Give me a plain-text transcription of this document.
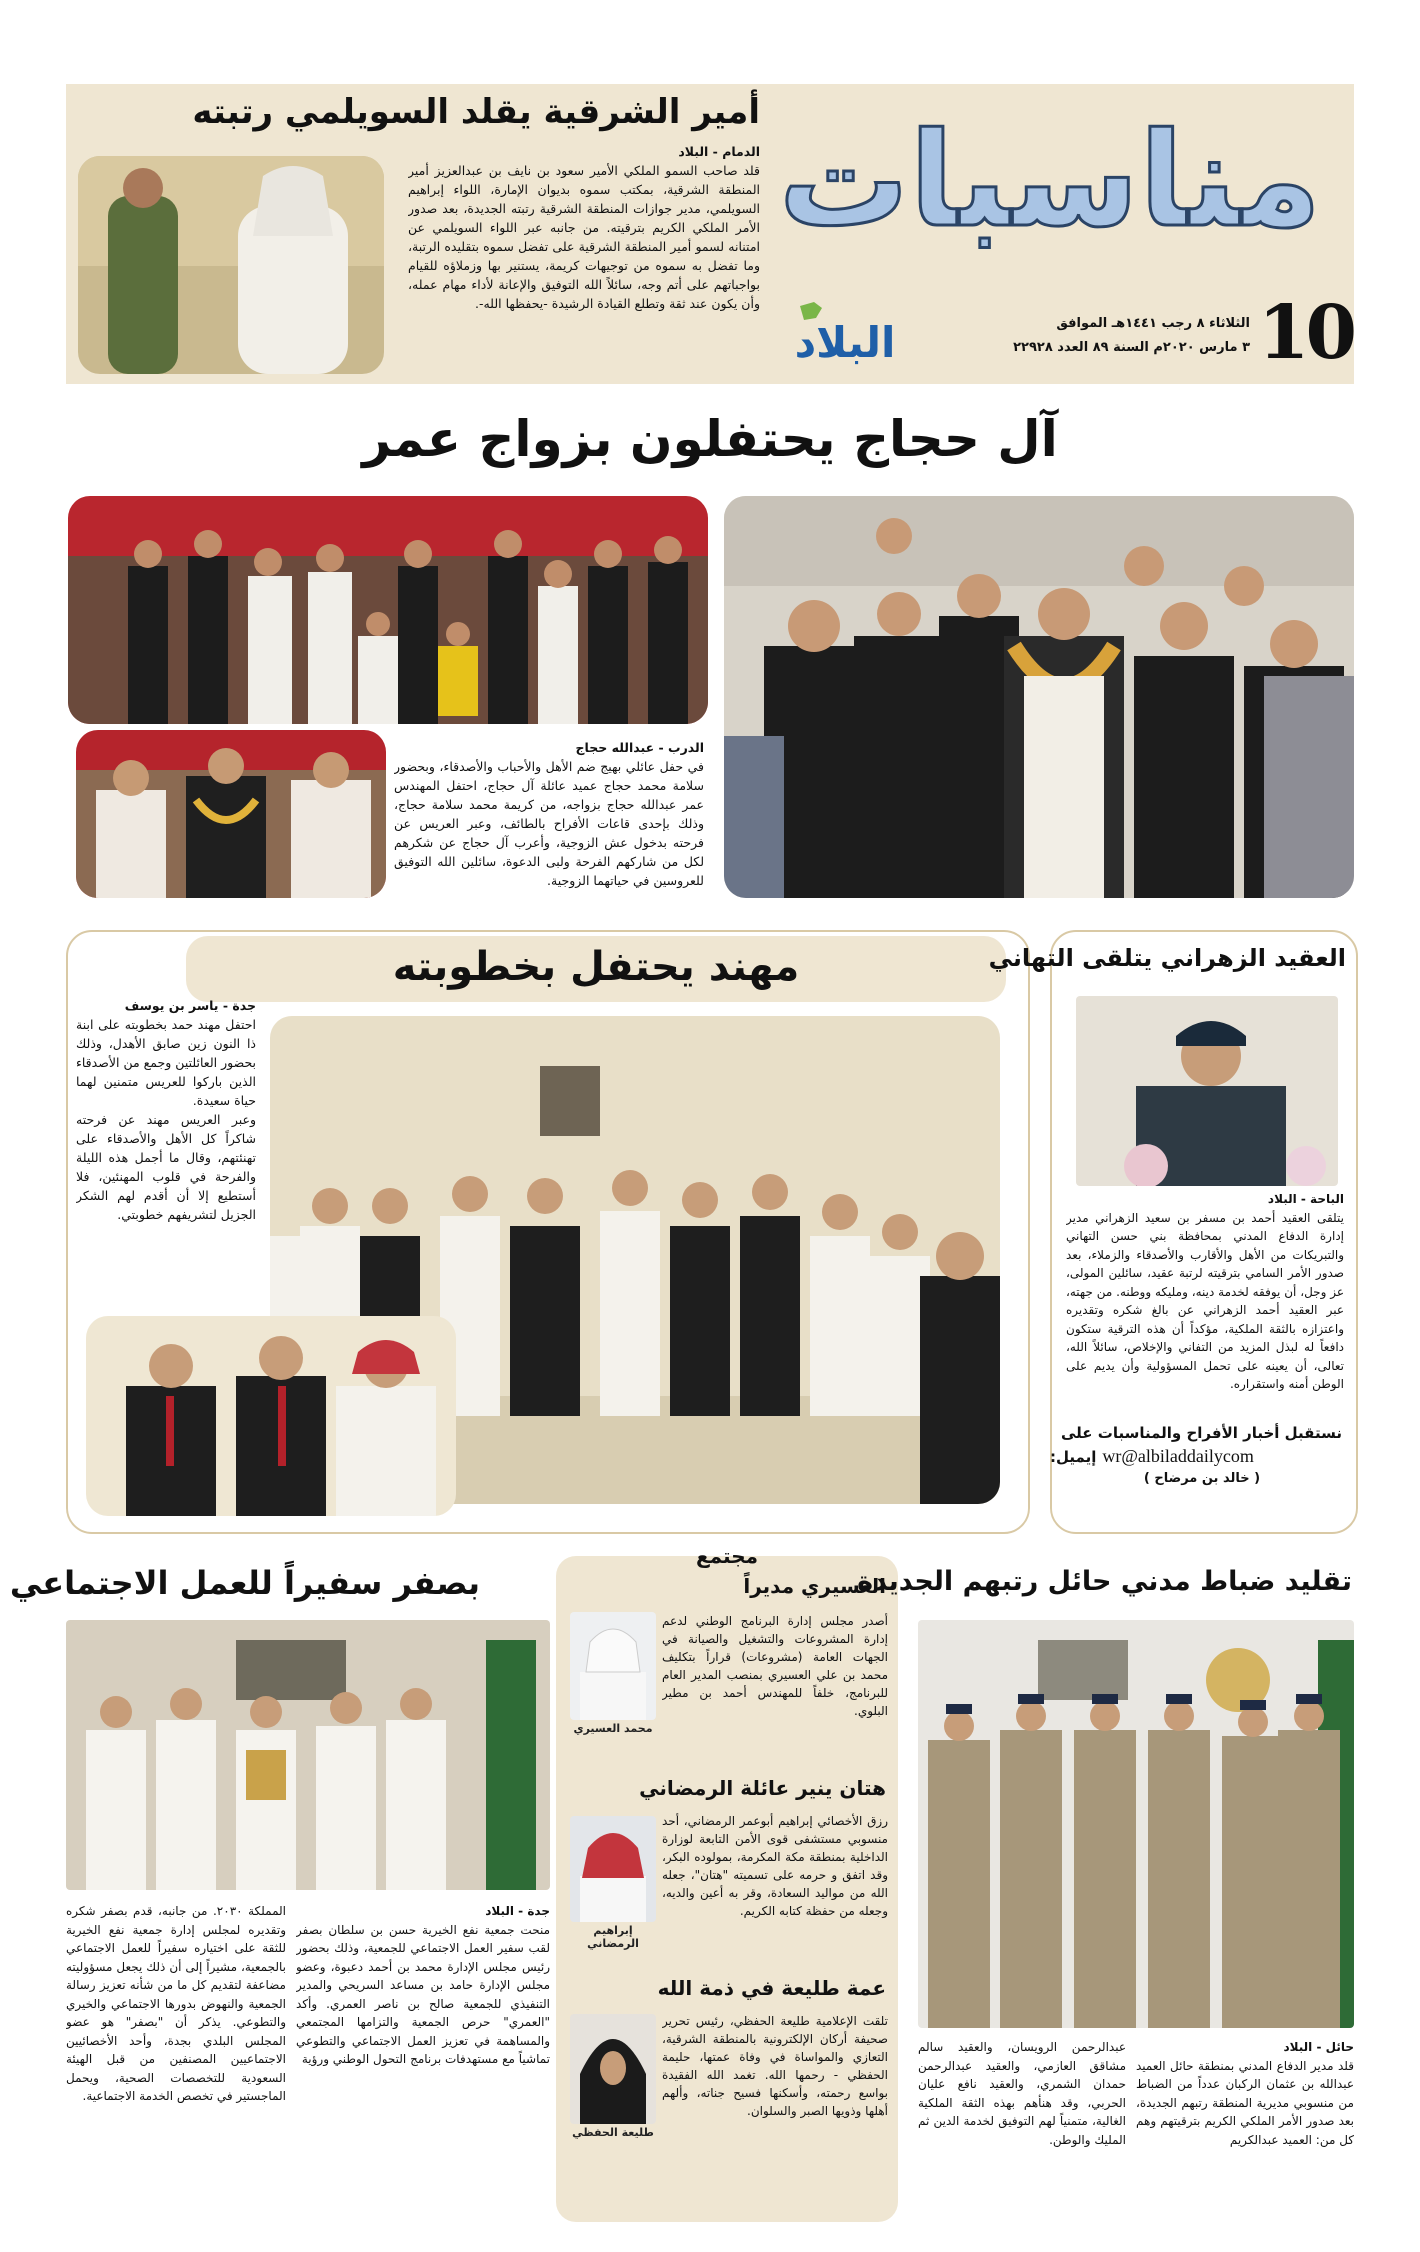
10
مناسبات
الثلاثاء ٨ رجب ١٤٤١هـ الموافق
٣ مارس ٢٠٢٠م السنة ٨٩ العدد ٢٢٩٢٨
البلاد
أمير الشرقية يقلد السويلمي رتبته
الدمام - البلاد
قلد صاحب السمو الملكي الأمير سعود بن نايف بن عبدالعزيز أمير المنطقة الشرقية، بمكتب سموه بديوان الإمارة، اللواء إبراهيم السويلمي، مدير جوازات المنطقة الشرقية رتبته الجديدة، بعد صدور الأمر الملكي الكريم بترقيته. من جانبه عبر اللواء السويلمي عن امتنانه لسمو أمير المنطقة الشرقية على تفضل سموه بتقليده الرتبة، وما تفضل به سموه من توجيهات كريمة، يستنير بها وزملاؤه للقيام بواجباتهم على أتم وجه، سائلاً الله التوفيق والإعانة لأداء مهام عمله، وأن يكون عند ثقة وتطلع القيادة الرشيدة -يحفظها الله-.
آل حجاج يحتفلون بزواج عمر
الدرب - عبدالله حجاج
في حفل عائلي بهيج ضم الأهل والأحباب والأصدقاء، وبحضور سلامة محمد حجاج عميد عائلة آل حجاج، احتفل المهندس عمر عبدالله حجاج بزواجه، من كريمة محمد سلامة حجاج، وذلك بإحدى قاعات الأفراح بالطائف، وعبر العريس عن فرحته بدخول عش الزوجية، وأعرب آل حجاج عن شكرهم لكل من شاركهم الفرحة ولبى الدعوة، سائلين الله التوفيق للعروسين في حياتهما الزوجية.
مهند يحتفل بخطوبته
جدة - ياسر بن يوسف
احتفل مهند حمد بخطوبته على ابنة ذا النون زين صابق الأهدل، وذلك بحضور العائلتين وجمع من الأصدقاء الذين باركوا للعريس متمنين لهما حياة سعيدة.
وعبر العريس مهند عن فرحته شاكراً كل الأهل والأصدقاء على تهنئتهم، وقال ما أجمل هذه الليلة والفرحة في قلوب المهنئين، فلا أستطيع إلا أن أقدم لهم الشكر الجزيل لتشريفهم خطوبتي.
العقيد الزهراني يتلقى التهاني
الباحة - البلاد
يتلقى العقيد أحمد بن مسفر بن سعيد الزهراني مدير إدارة الدفاع المدني بمحافظة بني حسن التهاني والتبريكات من الأهل والأقارب والأصدقاء والزملاء، بعد صدور الأمر السامي بترقيته لرتبة عقيد، سائلين المولى، عز وجل، أن يوفقه لخدمة دينه، ومليكه ووطنه. من جهته، عبر العقيد أحمد الزهراني عن بالغ شكره وتقديره واعتزازه بالثقة الملكية، مؤكداً أن هذه الترقية ستكون دافعاً له لبذل المزيد من التفاني والإخلاص، سائلاً الله، تعالى، أن يعينه على تحمل المسؤولية وأن يديم على الوطن أمنه واستقراره.
نستقبل أخبار الأفراح والمناسبات على
إيميل: wr@albiladdailycom
( خالد بن مرضاح )
بصفر سفيراً للعمل الاجتماعي
جدة - البلاد
منحت جمعية نفع الخيرية حسن بن سلطان بصفر لقب سفير العمل الاجتماعي للجمعية، وذلك بحضور رئيس مجلس الإدارة محمد بن أحمد دعبوة، وعضو مجلس الإدارة حامد بن مساعد السريحي والمدير التنفيذي للجمعية صالح بن ناصر العمري. وأكد "العمري" حرص الجمعية والتزامها المجتمعي والمساهمة في تعزيز العمل الاجتماعي والتطوعي تماشياً مع مستهدفات برنامج التحول الوطني ورؤية
المملكة ٢٠٣٠. من جانبه، قدم بصفر شكره وتقديره لمجلس إدارة جمعية نفع الخيرية للثقة على اختياره سفيراً للعمل الاجتماعي بالجمعية، مشيراً إلى أن ذلك يجعل مسؤوليته مضاعفة لتقديم كل ما من شأنه تعزيز رسالة الجمعية والنهوض بدورها الاجتماعي والخيري والتطوعي. يذكر أن "بصفر" هو عضو المجلس البلدي بجدة، وأحد الأخصائيين الاجتماعيين المصنفين من قبل الهيئة السعودية للتخصصات الصحية، ويحمل الماجستير في تخصص الخدمة الاجتماعية.
مجتمع
العسيري مديراً
أصدر مجلس إدارة البرنامج الوطني لدعم إدارة المشروعات والتشغيل والصيانة في الجهات العامة (مشروعات) قراراً بتكليف محمد بن علي العسيري بمنصب المدير العام للبرنامج، خلفاً للمهندس أحمد بن مطير البلوي.
محمد العسيري
هتان ينير عائلة الرمضاني
رزق الأخصائي إبراهيم أبوعمر الرمضاني، أحد منسوبي مستشفى قوى الأمن التابعة لوزارة الداخلية بمنطقة مكة المكرمة، بمولوده البكر، وقد اتفق و حرمه على تسميته "هتان"، جعله الله من مواليد السعادة، وقر به أعين والديه، وجعله من حفظة كتابه الكريم.
إبراهيم الرمضاني
عمة طليعة في ذمة الله
تلقت الإعلامية طليعة الحفظي، رئيس تحرير صحيفة أركان الإلكترونية بالمنطقة الشرقية، التعازي والمواساة في وفاة عمتها، حليمة الحفظي - رحمها الله. تغمد الله الفقيدة بواسع رحمته، وأسكنها فسيح جناته، وألهم أهلها وذويها الصبر والسلوان.
طليعة الحفظي
تقليد ضباط مدني حائل رتبهم الجديدة
حائل - البلاد
قلد مدير الدفاع المدني بمنطقة حائل العميد عبدالله بن عثمان الركبان عدداً من الضباط من منسوبي مديرية المنطقة رتبهم الجديدة، بعد صدور الأمر الملكي الكريم بترقيتهم وهم كل من: العميد عبدالكريم
عبدالرحمن الرويسان، والعقيد سالم مشاقق العازمي، والعقيد عبدالرحمن حمدان الشمري، والعقيد نافع عليان الحربي، وقد هنأهم بهذه الثقة الملكية الغالية، متمنياً لهم التوفيق لخدمة الدين ثم المليك والوطن.
